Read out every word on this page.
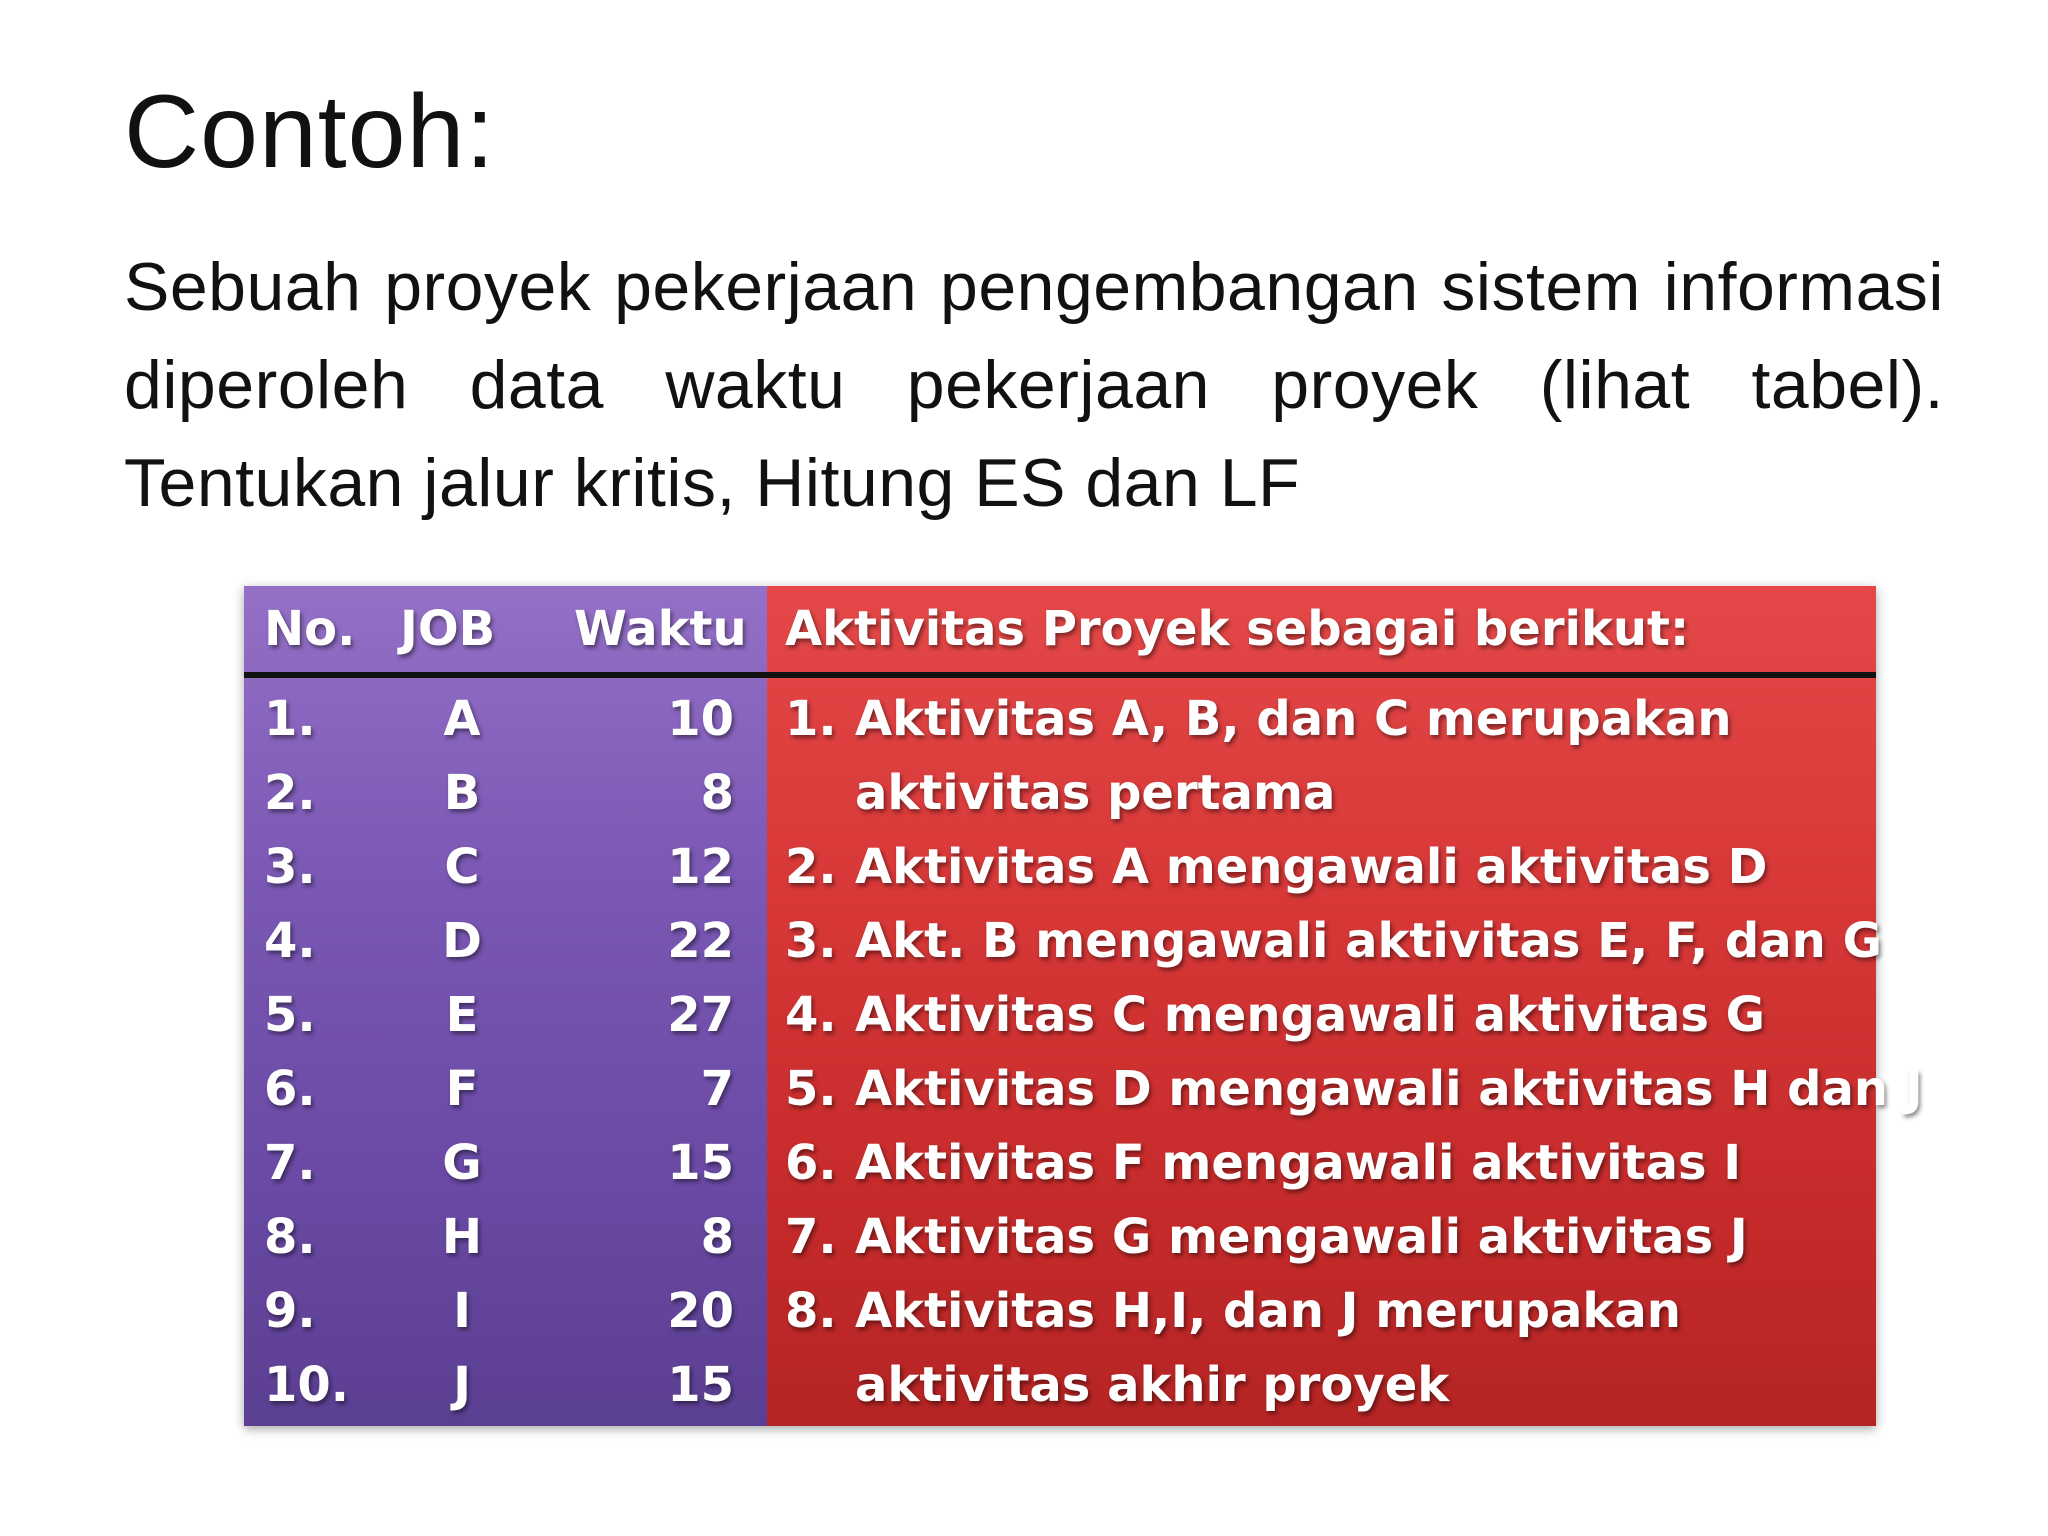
Contoh:
Sebuah proyek pekerjaan pengembangan sistem informasi diperoleh data waktu pekerjaan proyek (lihat tabel). Tentukan jalur kritis, Hitung ES dan LF
No. JOB Waktu
1.	A	10
2.	B	8
3.	C	12
4.	D	22
5.	E	27
6.	F	7
7.	G	15
8.	H	8
9.	I	20
10.	J	15
Aktivitas Proyek sebagai berikut:
1. Aktivitas A, B, dan C merupakan
aktivitas pertama
2. Aktivitas A mengawali aktivitas D
3. Akt. B mengawali aktivitas E, F, dan G
4. Aktivitas C mengawali aktivitas G
5. Aktivitas D mengawali aktivitas H dan J
6. Aktivitas F mengawali aktivitas I
7. Aktivitas G mengawali aktivitas J
8. Aktivitas H,I, dan J merupakan
aktivitas akhir proyek
